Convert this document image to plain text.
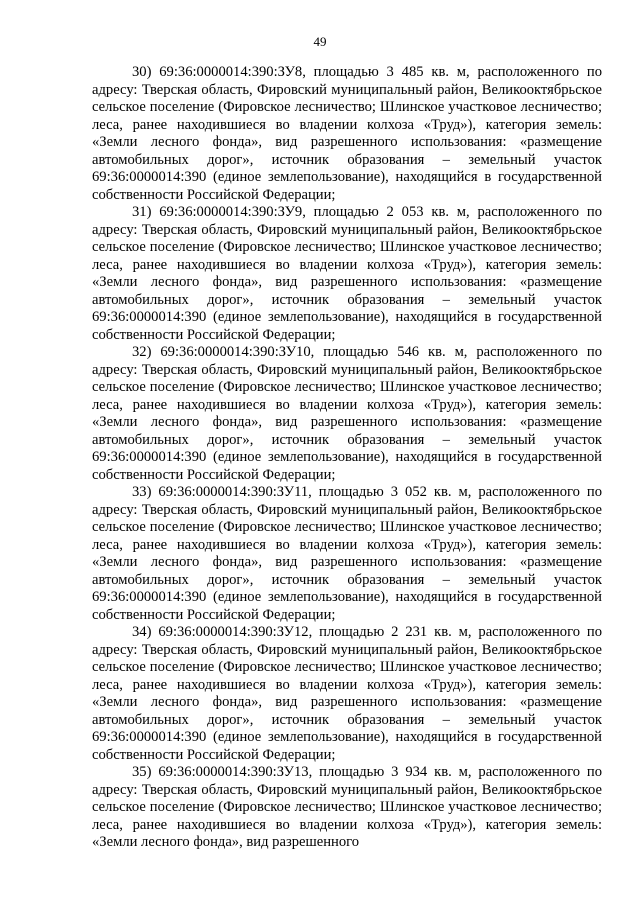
49

30) 69:36:0000014:390:ЗУ8, площадью 3 485 кв. м, расположенного по адресу: Тверская область, Фировский муниципальный район, Великооктябрьское сельское поселение (Фировское лесничество; Шлинское участковое лесничество; леса, ранее находившиеся во владении колхоза «Труд»), категория земель: «Земли лесного фонда», вид разрешенного использования: «размещение автомобильных дорог», источник образования – земельный участок 69:36:0000014:390 (единое землепользование), находящийся в государственной собственности Российской Федерации;

31) 69:36:0000014:390:ЗУ9, площадью 2 053 кв. м, расположенного по адресу: Тверская область, Фировский муниципальный район, Великооктябрьское сельское поселение (Фировское лесничество; Шлинское участковое лесничество; леса, ранее находившиеся во владении колхоза «Труд»), категория земель: «Земли лесного фонда», вид разрешенного использования: «размещение автомобильных дорог», источник образования – земельный участок 69:36:0000014:390 (единое землепользование), находящийся в государственной собственности Российской Федерации;

32) 69:36:0000014:390:ЗУ10, площадью 546 кв. м, расположенного по адресу: Тверская область, Фировский муниципальный район, Великооктябрьское сельское поселение (Фировское лесничество; Шлинское участковое лесничество; леса, ранее находившиеся во владении колхоза «Труд»), категория земель: «Земли лесного фонда», вид разрешенного использования: «размещение автомобильных дорог», источник образования – земельный участок 69:36:0000014:390 (единое землепользование), находящийся в государственной собственности Российской Федерации;

33) 69:36:0000014:390:ЗУ11, площадью 3 052 кв. м, расположенного по адресу: Тверская область, Фировский муниципальный район, Великооктябрьское сельское поселение (Фировское лесничество; Шлинское участковое лесничество; леса, ранее находившиеся во владении колхоза «Труд»), категория земель: «Земли лесного фонда», вид разрешенного использования: «размещение автомобильных дорог», источник образования – земельный участок 69:36:0000014:390 (единое землепользование), находящийся в государственной собственности Российской Федерации;

34) 69:36:0000014:390:ЗУ12, площадью 2 231 кв. м, расположенного по адресу: Тверская область, Фировский муниципальный район, Великооктябрьское сельское поселение (Фировское лесничество; Шлинское участковое лесничество; леса, ранее находившиеся во владении колхоза «Труд»), категория земель: «Земли лесного фонда», вид разрешенного использования: «размещение автомобильных дорог», источник образования – земельный участок 69:36:0000014:390 (единое землепользование), находящийся в государственной собственности Российской Федерации;

35) 69:36:0000014:390:ЗУ13, площадью 3 934 кв. м, расположенного по адресу: Тверская область, Фировский муниципальный район, Великооктябрьское сельское поселение (Фировское лесничество; Шлинское участковое лесничество; леса, ранее находившиеся во владении колхоза «Труд»), категория земель: «Земли лесного фонда», вид разрешенного
